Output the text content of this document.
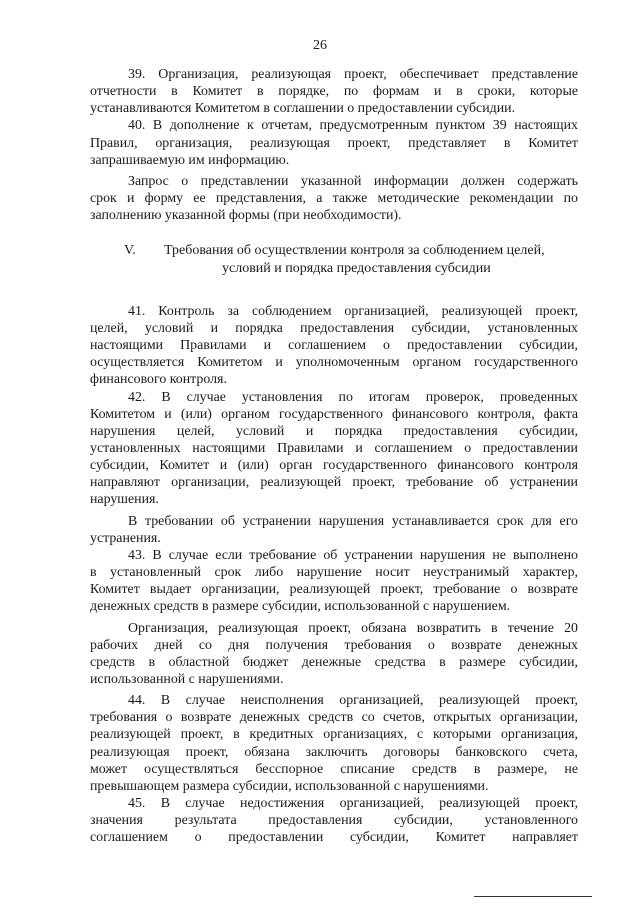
26
39. Организация, реализующая проект, обеспечивает представление
отчетности в Комитет в порядке, по формам и в сроки, которые
устанавливаются Комитетом в соглашении о предоставлении субсидии.
40. В дополнение к отчетам, предусмотренным пунктом 39 настоящих
Правил, организация, реализующая проект, представляет в Комитет
запрашиваемую им информацию.
Запрос о представлении указанной информации должен содержать
срок и форму ее представления, а также методические рекомендации по
заполнению указанной формы (при необходимости).
V. Требования об осуществлении контроля за соблюдением целей,
условий и порядка предоставления субсидии
41. Контроль за соблюдением организацией, реализующей проект,
целей, условий и порядка предоставления субсидии, установленных
настоящими Правилами и соглашением о предоставлении субсидии,
осуществляется Комитетом и уполномоченным органом государственного
финансового контроля.
42. В случае установления по итогам проверок, проведенных
Комитетом и (или) органом государственного финансового контроля, факта
нарушения целей, условий и порядка предоставления субсидии,
установленных настоящими Правилами и соглашением о предоставлении
субсидии, Комитет и (или) орган государственного финансового контроля
направляют организации, реализующей проект, требование об устранении
нарушения.
В требовании об устранении нарушения устанавливается срок для его
устранения.
43. В случае если требование об устранении нарушения не выполнено
в установленный срок либо нарушение носит неустранимый характер,
Комитет выдает организации, реализующей проект, требование о возврате
денежных средств в размере субсидии, использованной с нарушением.
Организация, реализующая проект, обязана возвратить в течение 20
рабочих дней со дня получения требования о возврате денежных
средств в областной бюджет денежные средства в размере субсидии,
использованной с нарушениями.
44. В случае неисполнения организацией, реализующей проект,
требования о возврате денежных средств со счетов, открытых организации,
реализующей проект, в кредитных организациях, с которыми организация,
реализующая проект, обязана заключить договоры банковского счета,
может осуществляться бесспорное списание средств в размере, не
превышающем размера субсидии, использованной с нарушениями.
45. В случае недостижения организацией, реализующей проект,
значения результата предоставления субсидии, установленного
соглашением о предоставлении субсидии, Комитет направляет
